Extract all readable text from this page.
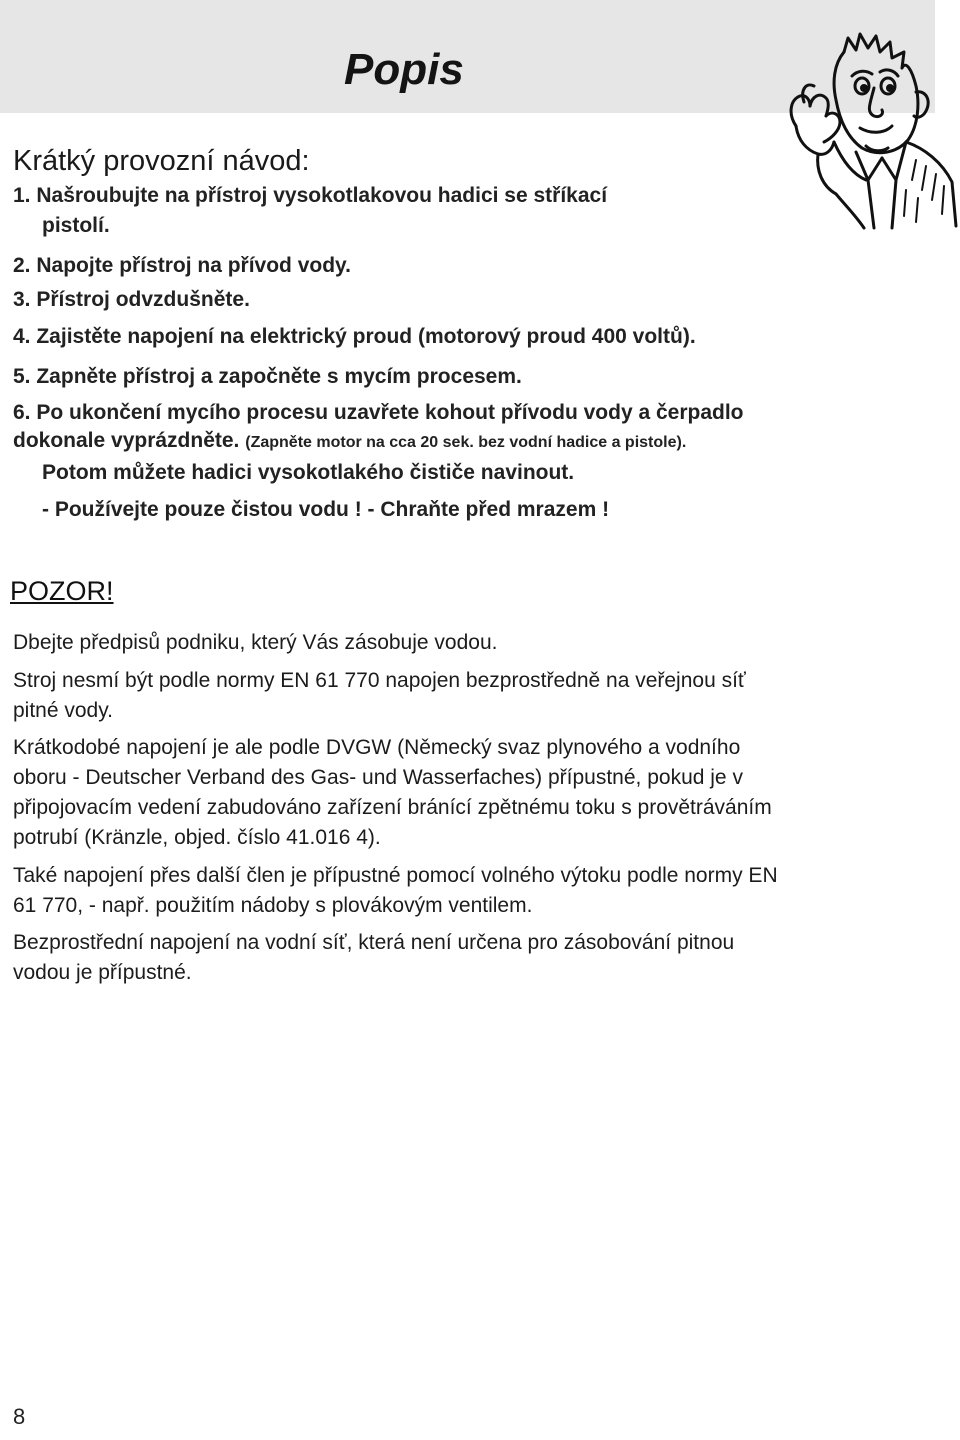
Popis
Krátký provozní návod:
1. Našroubujte na přístroj vysokotlakovou hadici se stříkací
pistolí.
2. Napojte přístroj na přívod vody.
3. Přístroj odvzdušněte.
4. Zajistěte napojení na elektrický proud (motorový proud 400 voltů).
5. Zapněte přístroj a započněte s mycím procesem.
6. Po ukončení mycího procesu uzavřete kohout přívodu vody a čerpadlo
dokonale vyprázdněte. (Zapněte motor na cca 20 sek. bez vodní hadice a pistole).
Potom můžete hadici vysokotlakého čističe navinout.
- Používejte pouze čistou vodu ! - Chraňte před mrazem !
POZOR!
Dbejte předpisů podniku, který Vás zásobuje vodou.
Stroj nesmí být podle normy EN 61 770 napojen bezprostředně na veřejnou síť
pitné vody.
Krátkodobé napojení je ale podle DVGW (Německý svaz plynového a vodního
oboru - Deutscher Verband des Gas- und Wasserfaches) přípustné, pokud je v
připojovacím vedení zabudováno zařízení bránící zpětnému toku s provětráváním
potrubí (Kränzle, objed. číslo 41.016 4).
Také napojení přes další člen je přípustné pomocí volného výtoku podle normy EN
61 770, - např. použitím nádoby s plovákovým ventilem.
Bezprostřední napojení na vodní síť, která není určena pro zásobování pitnou
vodou je přípustné.
8
